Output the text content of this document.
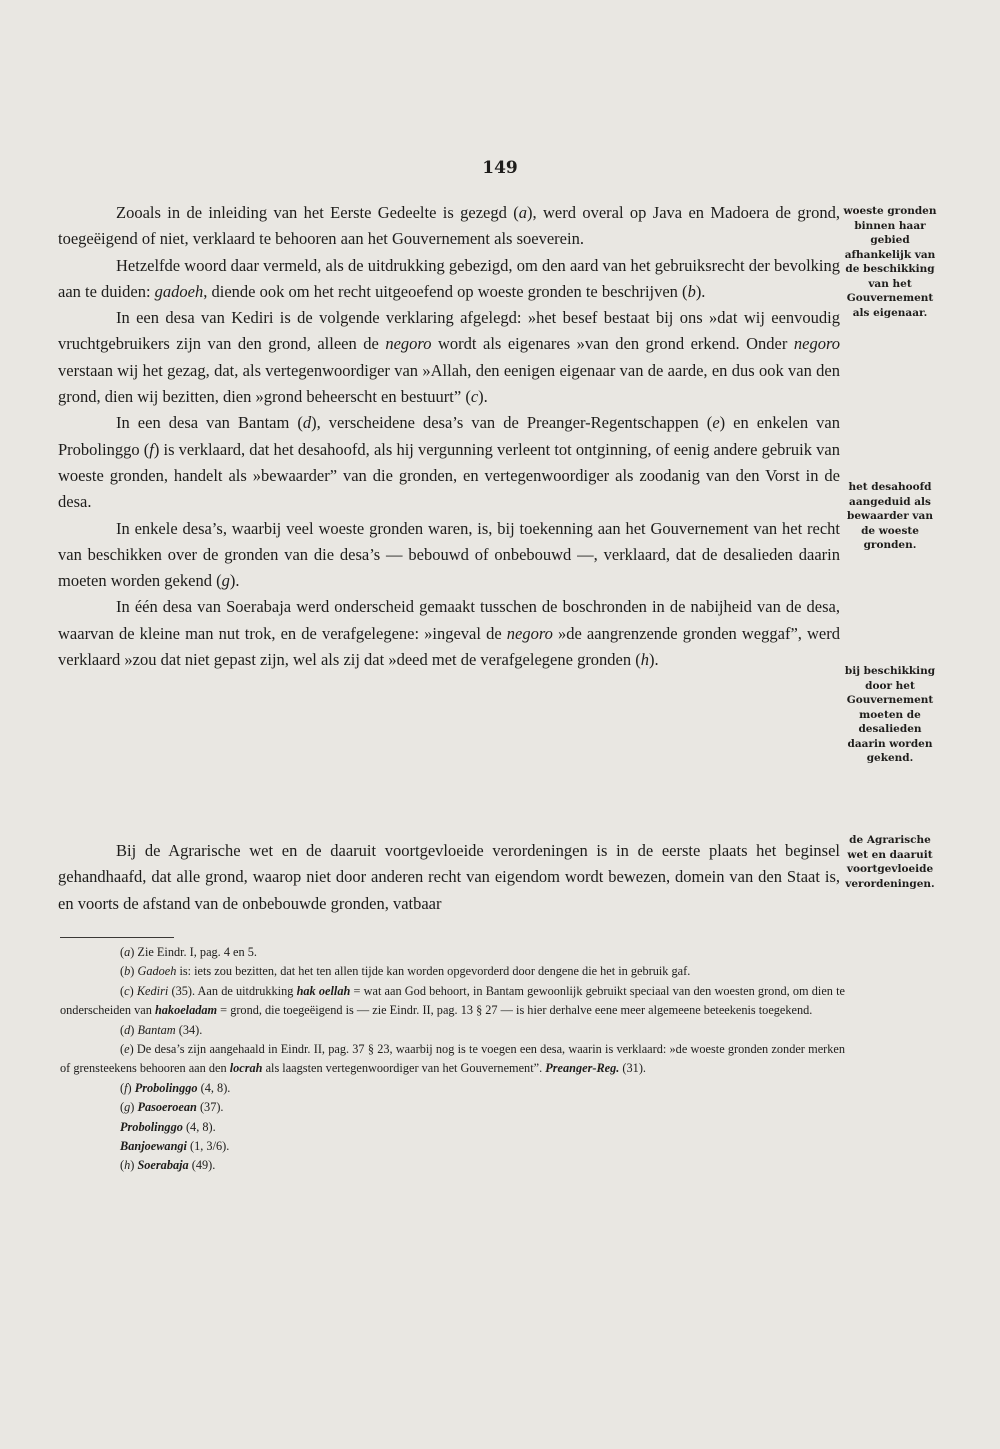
149

Zooals in de inleiding van het Eerste Gedeelte is gezegd (a), werd overal op Java en Madoera de grond, toegeëigend of niet, verklaard te behooren aan het Gouvernement als soeverein.

Hetzelfde woord daar vermeld, als de uitdrukking gebezigd, om den aard van het gebruiksrecht der bevolking aan te duiden: gadoeh, diende ook om het recht uitgeoefend op woeste gronden te beschrijven (b).

In een desa van Kediri is de volgende verklaring afgelegd: »het besef bestaat bij ons »dat wij eenvoudig vruchtgebruikers zijn van den grond, alleen de negoro wordt als eigenares »van den grond erkend. Onder negoro verstaan wij het gezag, dat, als vertegenwoordiger van »Allah, den eenigen eigenaar van de aarde, en dus ook van den grond, dien wij bezitten, dien »grond beheerscht en bestuurt” (c).

In een desa van Bantam (d), verscheidene desa’s van de Preanger-Regentschappen (e) en enkelen van Probolinggo (f) is verklaard, dat het desahoofd, als hij vergunning verleent tot ontginning, of eenig andere gebruik van woeste gronden, handelt als »bewaarder” van die gronden, en vertegenwoordiger als zoodanig van den Vorst in de desa.

In enkele desa’s, waarbij veel woeste gronden waren, is, bij toekenning aan het Gouvernement van het recht van beschikken over de gronden van die desa’s — bebouwd of onbebouwd —, verklaard, dat de desalieden daarin moeten worden gekend (g).

In één desa van Soerabaja werd onderscheid gemaakt tusschen de boschronden in de nabijheid van de desa, waarvan de kleine man nut trok, en de verafgelegene: »ingeval de negoro »de aangrenzende gronden weggaf”, werd verklaard »zou dat niet gepast zijn, wel als zij dat »deed met de verafgelegene gronden (h).

Bij de Agrarische wet en de daaruit voortgevloeide verordeningen is in de eerste plaats het beginsel gehandhaafd, dat alle grond, waarop niet door anderen recht van eigendom wordt bewezen, domein van den Staat is, en voorts de afstand van de onbebouwde gronden, vatbaar

woeste gronden binnen haar gebied afhankelijk van de beschikking van het Gouvernement als eigenaar.
het desahoofd aangeduid als bewaarder van de woeste gronden.
bij beschikking door het Gouvernement moeten de desalieden daarin worden gekend.
de Agrarische wet en daaruit voortgevloeide verordeningen.

(a) Zie Eindr. I, pag. 4 en 5.

(b) Gadoeh is: iets zou bezitten, dat het ten allen tijde kan worden opgevorderd door dengene die het in gebruik gaf.

(c) Kediri (35). Aan de uitdrukking hak oellah = wat aan God behoort, in Bantam gewoonlijk gebruikt speciaal van den woesten grond, om dien te onderscheiden van hakoeladam = grond, die toegeëigend is — zie Eindr. II, pag. 13 § 27 — is hier derhalve eene meer algemeene beteekenis toegekend.

(d) Bantam (34).

(e) De desa’s zijn aangehaald in Eindr. II, pag. 37 § 23, waarbij nog is te voegen een desa, waarin is verklaard: »de woeste gronden zonder merken of grensteekens behooren aan den locrah als laagsten vertegenwoordiger van het Gouvernement”. Preanger-Reg. (31).

(f) Probolinggo (4, 8).

(g) Pasoeroean (37).

Probolinggo (4, 8).

Banjoewangi (1, 3/6).

(h) Soerabaja (49).
